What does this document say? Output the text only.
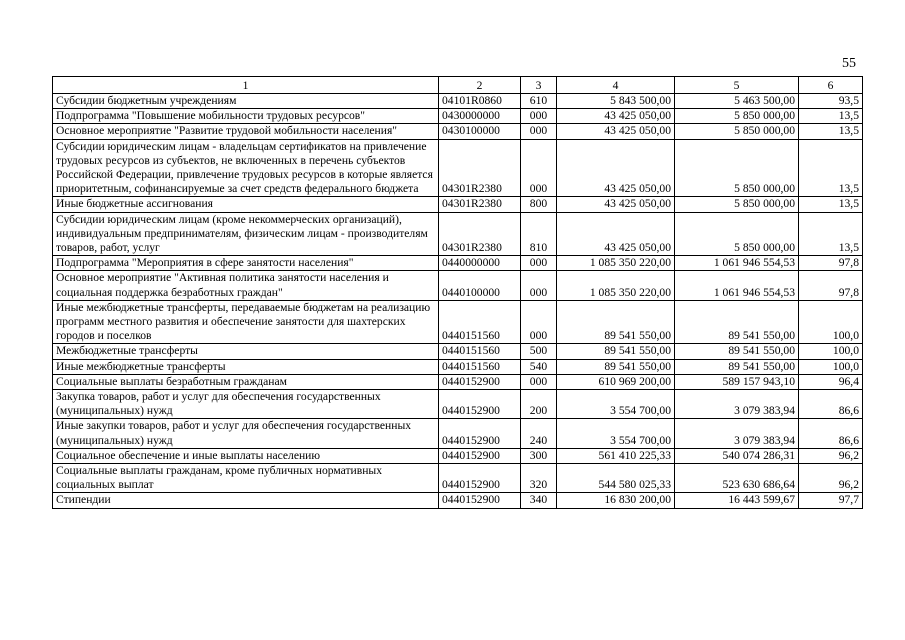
55
1	2	3	4	5	6
Субсидии бюджетным учреждениям	04101R0860	610	5 843 500,00	5 463 500,00	93,5
Подпрограмма "Повышение мобильности трудовых ресурсов"	0430000000	000	43 425 050,00	5 850 000,00	13,5
Основное мероприятие "Развитие трудовой мобильности населения"	0430100000	000	43 425 050,00	5 850 000,00	13,5
Субсидии юридическим лицам - владельцам сертификатов на привлечение трудовых ресурсов из субъектов, не включенных в перечень субъектов Российской Федерации, привлечение трудовых ресурсов в которые является приоритетным, софинансируемые за счет средств федерального бюджета	04301R2380	000	43 425 050,00	5 850 000,00	13,5
Иные бюджетные ассигнования	04301R2380	800	43 425 050,00	5 850 000,00	13,5
Субсидии юридическим лицам (кроме некоммерческих организаций), индивидуальным предпринимателям, физическим лицам - производителям товаров, работ, услуг	04301R2380	810	43 425 050,00	5 850 000,00	13,5
Подпрограмма "Мероприятия в сфере занятости населения"	0440000000	000	1 085 350 220,00	1 061 946 554,53	97,8
Основное мероприятие "Активная политика занятости населения и социальная поддержка безработных граждан"	0440100000	000	1 085 350 220,00	1 061 946 554,53	97,8
Иные межбюджетные трансферты, передаваемые бюджетам на реализацию программ местного развития и обеспечение занятости для шахтерских городов и поселков	0440151560	000	89 541 550,00	89 541 550,00	100,0
Межбюджетные трансферты	0440151560	500	89 541 550,00	89 541 550,00	100,0
Иные межбюджетные трансферты	0440151560	540	89 541 550,00	89 541 550,00	100,0
Социальные выплаты безработным гражданам	0440152900	000	610 969 200,00	589 157 943,10	96,4
Закупка товаров, работ и услуг для обеспечения государственных (муниципальных) нужд	0440152900	200	3 554 700,00	3 079 383,94	86,6
Иные закупки товаров, работ и услуг для обеспечения государственных (муниципальных) нужд	0440152900	240	3 554 700,00	3 079 383,94	86,6
Социальное обеспечение и иные выплаты населению	0440152900	300	561 410 225,33	540 074 286,31	96,2
Социальные выплаты гражданам, кроме публичных нормативных социальных выплат	0440152900	320	544 580 025,33	523 630 686,64	96,2
Стипендии	0440152900	340	16 830 200,00	16 443 599,67	97,7
